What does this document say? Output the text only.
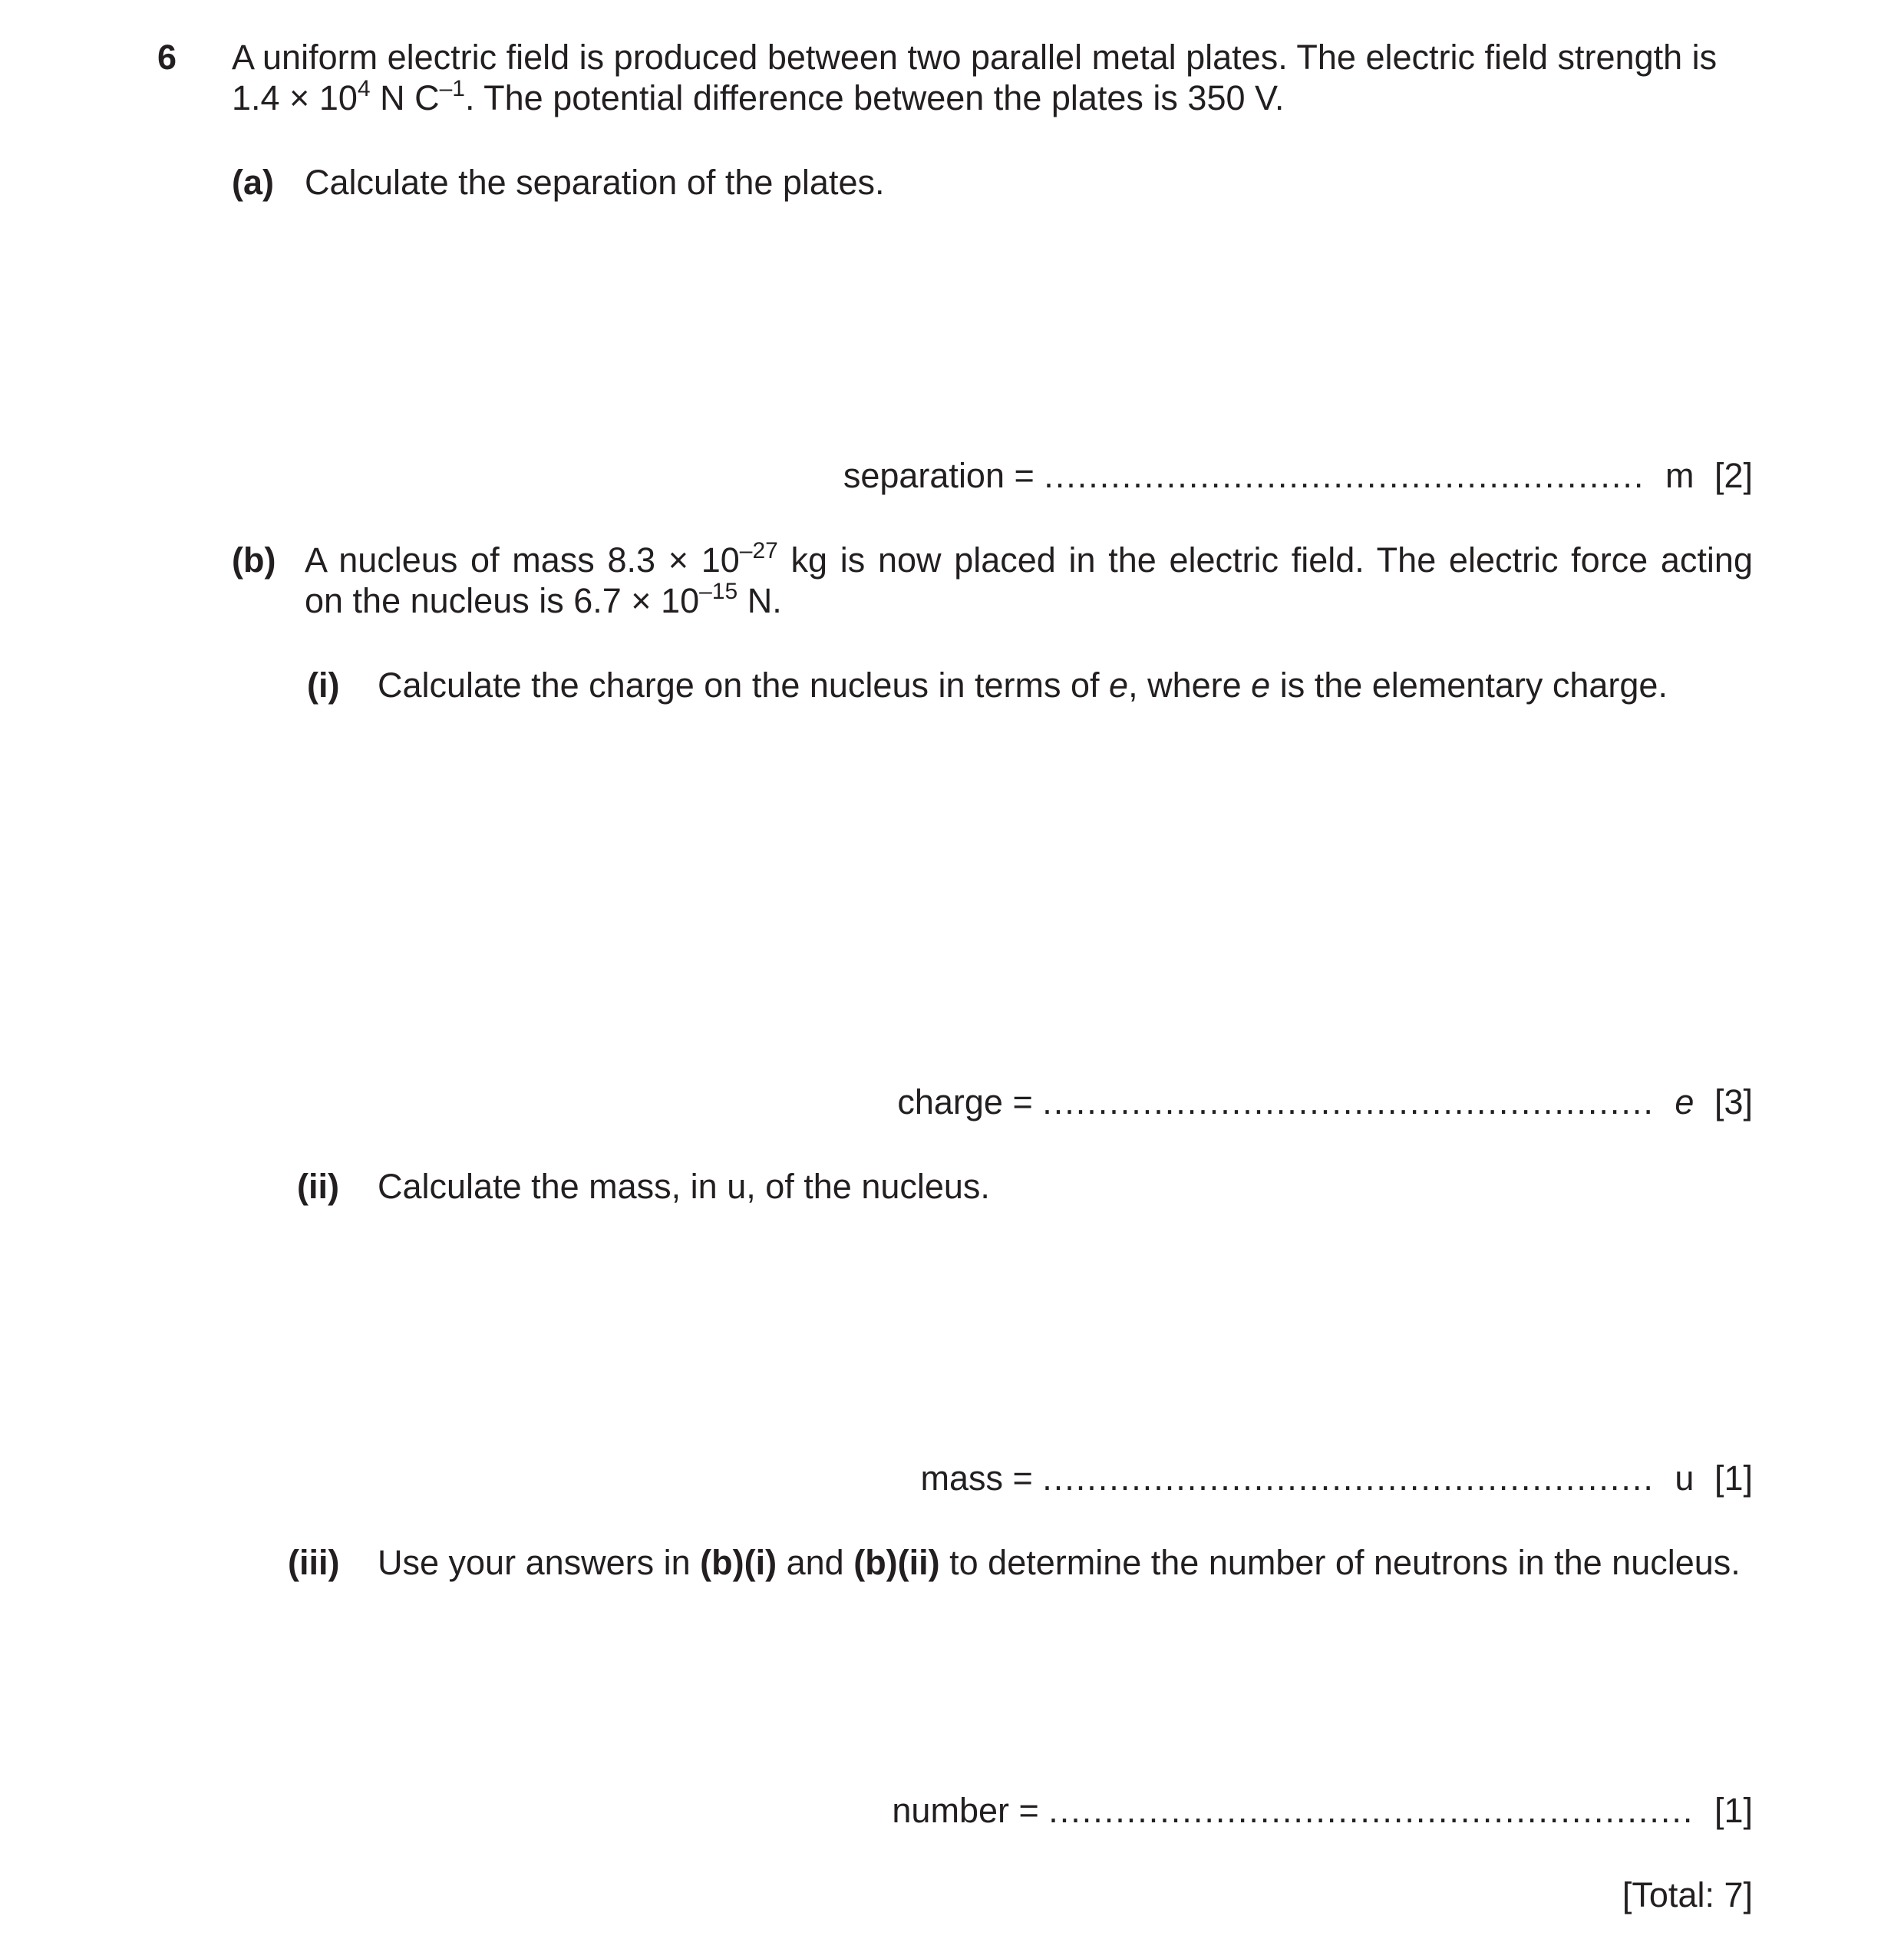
6 A uniform electric field is produced between two parallel metal plates. The electric field strength is
$1.4 \times 10^4$ N $C^{-1}$. The potential difference between the plates is 350 V.
(a) Calculate the separation of the plates.
separation = ...................................................... m [2]
(b) A nucleus of mass $8.3 \times 10^{-27}$ kg is now placed in the electric field. The electric force acting
on the nucleus is $6.7 \times 10^{-15}$ N.
(i) Calculate the charge on the nucleus in terms of e, where e is the elementary charge.
charge = ....................................................... e [3]
(ii) Calculate the mass, in u, of the nucleus.
mass = ....................................................... u [1]
(iii) Use your answers in (b)(i) and (b)(ii) to determine the number of neutrons in the nucleus.
number = .......................................................... [1]
[Total: 7]
